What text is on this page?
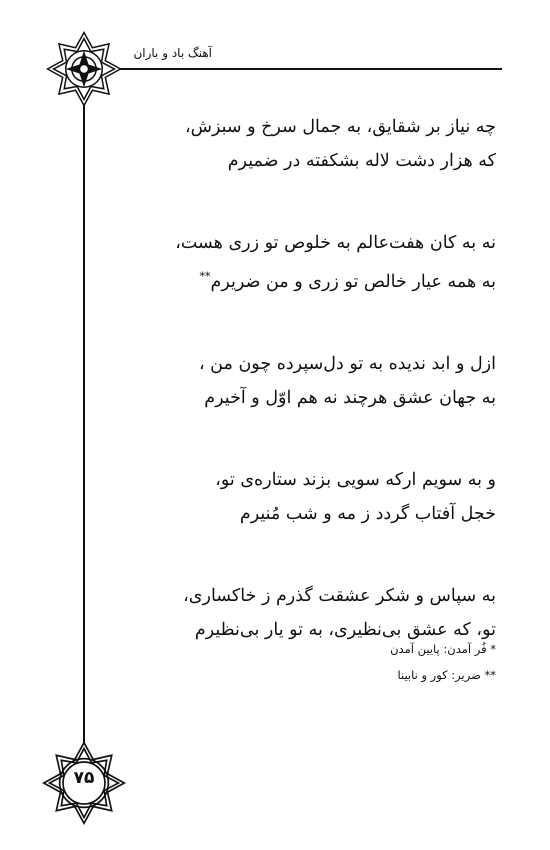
آهنگ باد و باران
۷۵
چه نیاز بر شقایق، به جمال سرخ و سبزش،
که هزار دشت لاله بشکفته در ضمیرم
نه به کان هفت‌عالم به خلوص تو زری هست،
به همه عیار خالص تو زری و من ضریرم**
ازل و ابد ندیده به تو دل‌سپرده چون من ،
به جهان عشق هرچند نه هم اوّل و آخیرم
و به سویم ارکه سویی بزند ستاره‌ی تو،
خجل آفتاب گردد ز مه و شب مُنیرم
به سپاس و شکر عشقت گذرم ز خاکساری،
تو، که عشق بی‌نظیری، به تو یار بی‌نظیرم
* فُر آمدن: پایین آمدن
** ضریر: کور و نابینا
